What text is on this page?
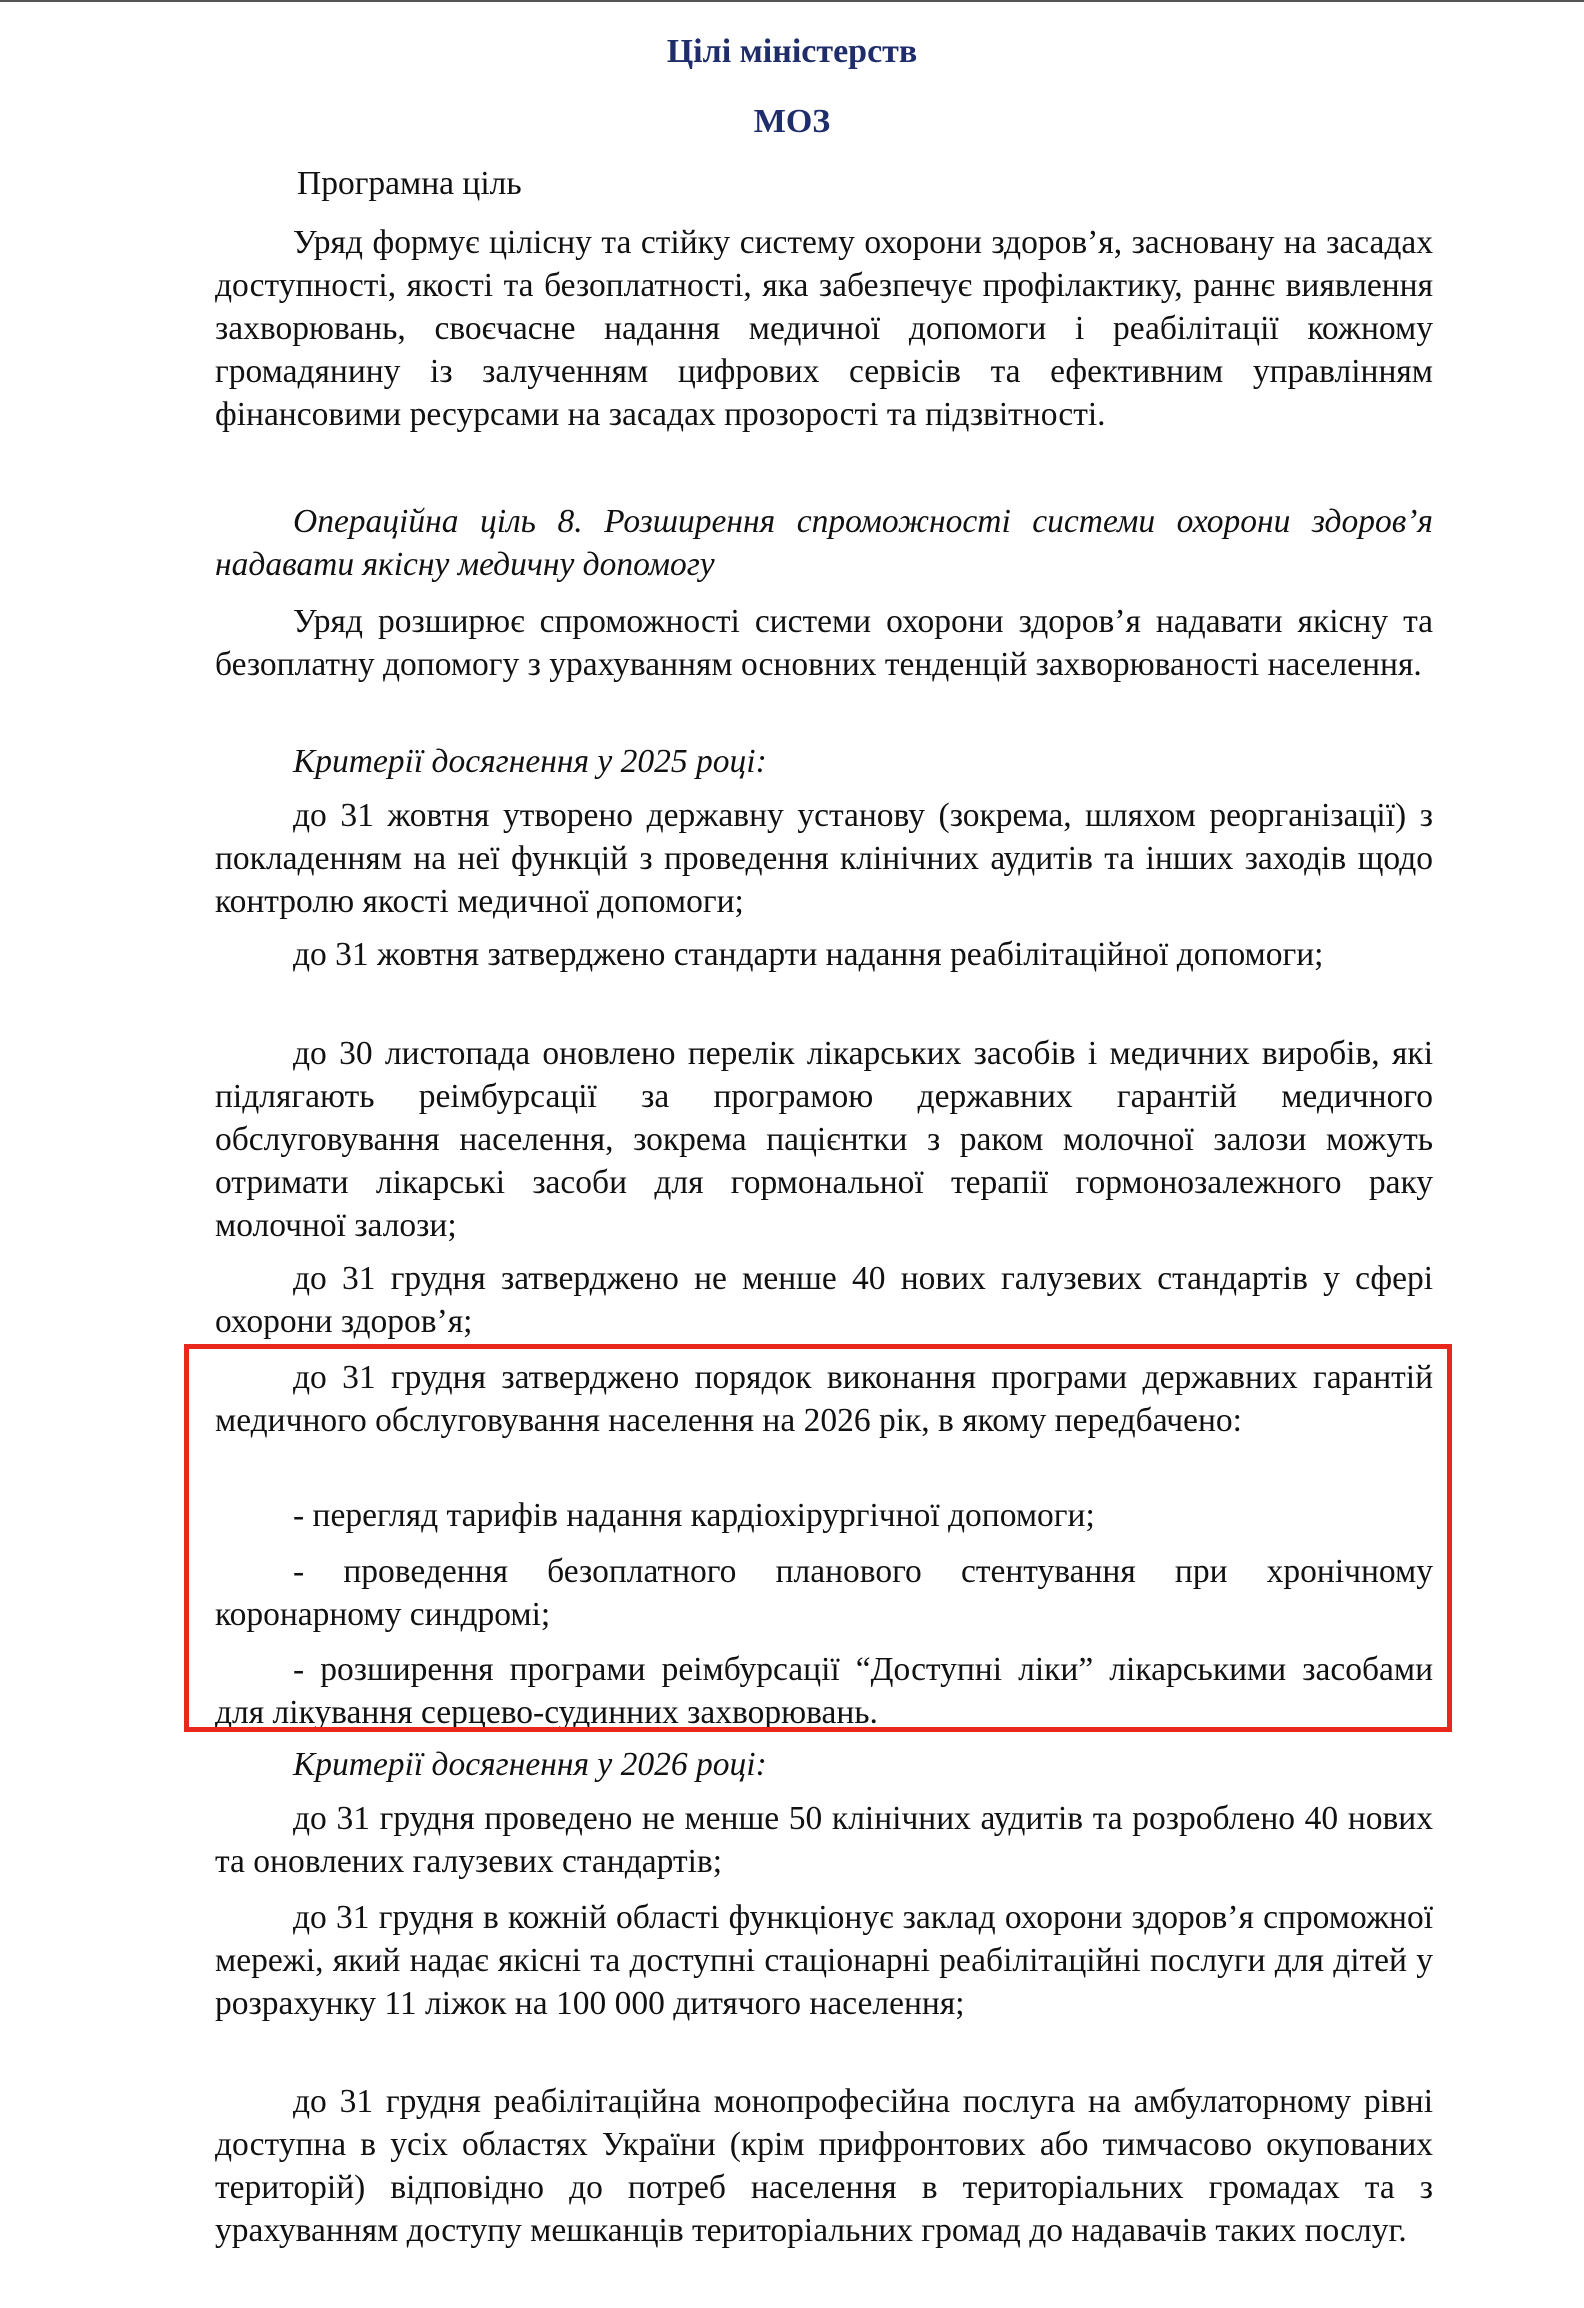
Цілі міністерств
МОЗ

Програмна ціль

Уряд формує цілісну та стійку систему охорони здоров’я, засновану на засадах доступності, якості та безоплатності, яка забезпечує профілактику, раннє виявлення захворювань, своєчасне надання медичної допомоги і реабілітації кожному громадянину із залученням цифрових сервісів та ефективним управлінням фінансовими ресурсами на засадах прозорості та підзвітності.

Операційна ціль 8. Розширення спроможності системи охорони здоров’я надавати якісну медичну допомогу

Уряд розширює спроможності системи охорони здоров’я надавати якісну та безоплатну допомогу з урахуванням основних тенденцій захворюваності населення.

Критерії досягнення у 2025 році:

до 31 жовтня утворено державну установу (зокрема, шляхом реорганізації) з покладенням на неї функцій з проведення клінічних аудитів та інших заходів щодо контролю якості медичної допомоги;

до 31 жовтня затверджено стандарти надання реабілітаційної допомоги;

до 30 листопада оновлено перелік лікарських засобів і медичних виробів, які підлягають реімбурсації за програмою державних гарантій медичного обслуговування населення, зокрема пацієнтки з раком молочної залози можуть отримати лікарські засоби для гормональної терапії гормонозалежного раку молочної залози;

до 31 грудня затверджено не менше 40 нових галузевих стандартів у сфері охорони здоров’я;

до 31 грудня затверджено порядок виконання програми державних гарантій медичного обслуговування населення на 2026 рік, в якому передбачено:

- перегляд тарифів надання кардіохірургічної допомоги;

- проведення безоплатного планового стентування при хронічному коронарному синдромі;

- розширення програми реімбурсації “Доступні ліки” лікарськими засобами для лікування серцево-судинних захворювань.

Критерії досягнення у 2026 році:

до 31 грудня проведено не менше 50 клінічних аудитів та розроблено 40 нових та оновлених галузевих стандартів;

до 31 грудня в кожній області функціонує заклад охорони здоров’я спроможної мережі, який надає якісні та доступні стаціонарні реабілітаційні послуги для дітей у розрахунку 11 ліжок на 100 000 дитячого населення;

до 31 грудня реабілітаційна монопрофесійна послуга на амбулаторному рівні доступна в усіх областях України (крім прифронтових або тимчасово окупованих територій) відповідно до потреб населення в територіальних громадах та з урахуванням доступу мешканців територіальних громад до надавачів таких послуг.
